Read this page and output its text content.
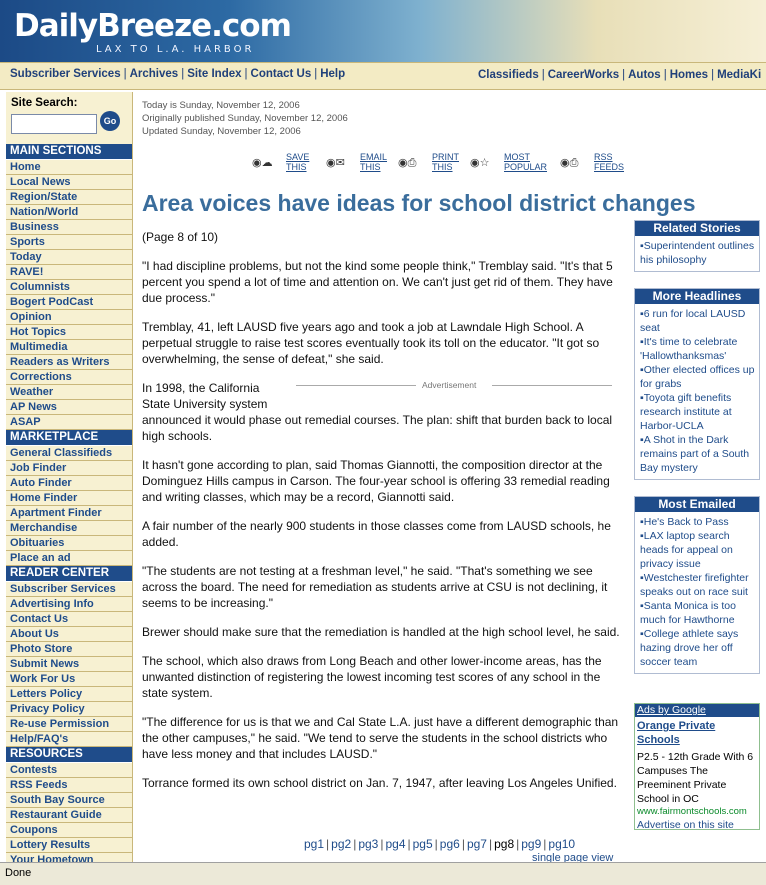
DailyBreeze.com
LAX TO L.A. HARBOR
Subscriber Services | Archives | Site Index | Contact Us | Help	Classifieds | CareerWorks | Autos | Homes | MediaKi
Site Search:
Go
MAIN SECTIONS
Home
Local News
Region/State
Nation/World
Business
Sports
Today
RAVE!
Columnists
Bogert PodCast
Opinion
Hot Topics
Multimedia
Readers as Writers
Corrections
Weather
AP News
ASAP
MARKETPLACE
General Classifieds
Job Finder
Auto Finder
Home Finder
Apartment Finder
Merchandise
Obituaries
Place an ad
READER CENTER
Subscriber Services
Advertising Info
Contact Us
About Us
Photo Store
Submit News
Work For Us
Letters Policy
Privacy Policy
Re-use Permission
Help/FAQ's
RESOURCES
Contests
RSS Feeds
South Bay Source
Restaurant Guide
Coupons
Lottery Results
Your Hometown
Today is Sunday, November 12, 2006
Originally published Sunday, November 12, 2006
Updated Sunday, November 12, 2006
◉☁	SAVE
THIS ◉✉	EMAIL
THIS	◉⎙	PRINT
THIS	◉☆	MOST
POPULAR ◉⎙	RSS
FEEDS
Area voices have ideas for school district changes

(Page 8 of 10)

"I had discipline problems, but not the kind some people think," Tremblay said. "It's that 5 percent you spend a lot of time and attention on. We can't just get rid of them. They have due process."

Tremblay, 41, left LAUSD five years ago and took a job at Lawndale High School. A perpetual struggle to raise test scores eventually took its toll on the educator. "It got so overwhelming, the sense of defeat," she said.

In 1998, the California State University system
announced it would phase out remedial courses. The plan: shift that burden back to local high schools.

It hasn't gone according to plan, said Thomas Giannotti, the composition director at the Dominguez Hills campus in Carson. The four-year school is offering 33 remedial reading and writing classes, which may be a record, Giannotti said.

A fair number of the nearly 900 students in those classes come from LAUSD schools, he added.

"The students are not testing at a freshman level," he said. "That's something we see across the board. The need for remediation as students arrive at CSU is not declining, it seems to be increasing."

Brewer should make sure that the remediation is handled at the high school level, he said.

The school, which also draws from Long Beach and other lower-income areas, has the unwanted distinction of registering the lowest incoming test scores of any school in the state system.

"The difference for us is that we and Cal State L.A. just have a different demographic than the other campuses," he said. "We tend to serve the students in the school districts who have less money and that includes LAUSD."

Torrance formed its own school district on Jan. 7, 1947, after leaving Los Angeles Unified.

Advertisement
pg1 | pg2 | pg3 | pg4 | pg5 | pg6 | pg7 | pg8 | pg9 | pg10
single page view
Related Stories
▪ Superintendent outlines his philosophy
More Headlines
▪ 6 run for local LAUSD seat
▪ It's time to celebrate 'Hallowthanksmas'
▪ Other elected offices up for grabs
▪ Toyota gift benefits research institute at Harbor-UCLA
▪ A Shot in the Dark remains part of a South Bay mystery
Most Emailed
▪ He's Back to Pass
▪ LAX laptop search heads for appeal on privacy issue
▪ Westchester firefighter speaks out on race suit
▪ Santa Monica is too much for Hawthorne
▪ College athlete says hazing drove her off soccer team
Ads by Google
Orange Private Schools
P2.5 - 12th Grade With 6 Campuses The Preeminent Private School in OC
www.fairmontschools.com
Advertise on this site
Done
